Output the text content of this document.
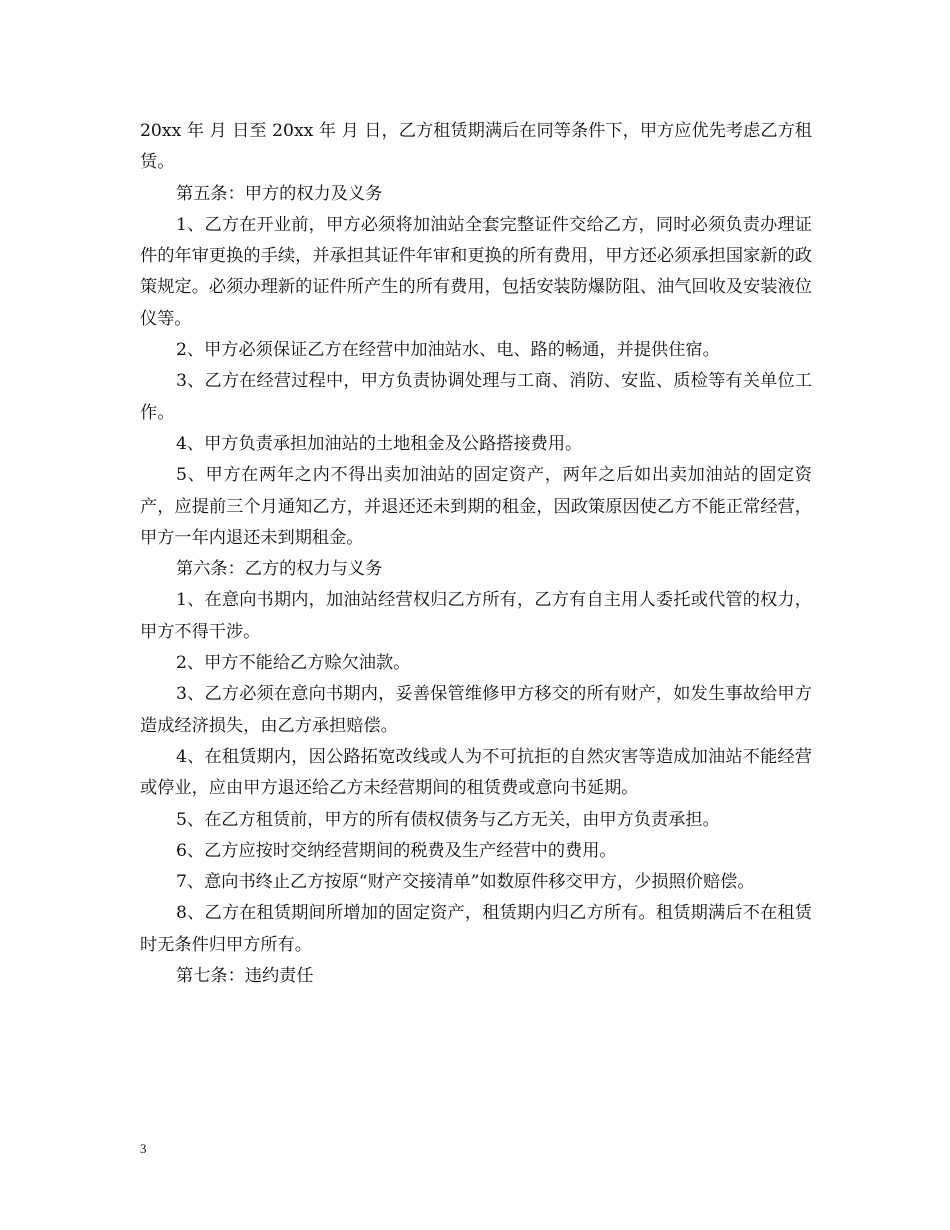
20xx 年 月 日至 20xx 年 月 日，乙方租赁期满后在同等条件下，甲方应优先考虑乙方租赁。

第五条：甲方的权力及义务

1、乙方在开业前，甲方必须将加油站全套完整证件交给乙方，同时必须负责办理证件的年审更换的手续，并承担其证件年审和更换的所有费用，甲方还必须承担国家新的政策规定。必须办理新的证件所产生的所有费用，包括安装防爆防阻、油气回收及安装液位仪等。

2、甲方必须保证乙方在经营中加油站水、电、路的畅通，并提供住宿。

3、乙方在经营过程中，甲方负责协调处理与工商、消防、安监、质检等有关单位工作。

4、甲方负责承担加油站的土地租金及公路搭接费用。

5、甲方在两年之内不得出卖加油站的固定资产，两年之后如出卖加油站的固定资产，应提前三个月通知乙方，并退还还未到期的租金，因政策原因使乙方不能正常经营，甲方一年内退还未到期租金。

第六条：乙方的权力与义务

1、在意向书期内，加油站经营权归乙方所有，乙方有自主用人委托或代管的权力，甲方不得干涉。

2、甲方不能给乙方赊欠油款。

3、乙方必须在意向书期内，妥善保管维修甲方移交的所有财产，如发生事故给甲方造成经济损失，由乙方承担赔偿。

4、在租赁期内，因公路拓宽改线或人为不可抗拒的自然灾害等造成加油站不能经营或停业，应由甲方退还给乙方未经营期间的租赁费或意向书延期。

5、在乙方租赁前，甲方的所有债权债务与乙方无关，由甲方负责承担。

6、乙方应按时交纳经营期间的税费及生产经营中的费用。

7、意向书终止乙方按原“财产交接清单”如数原件移交甲方，少损照价赔偿。

8、乙方在租赁期间所增加的固定资产，租赁期内归乙方所有。租赁期满后不在租赁时无条件归甲方所有。

第七条：违约责任

3
